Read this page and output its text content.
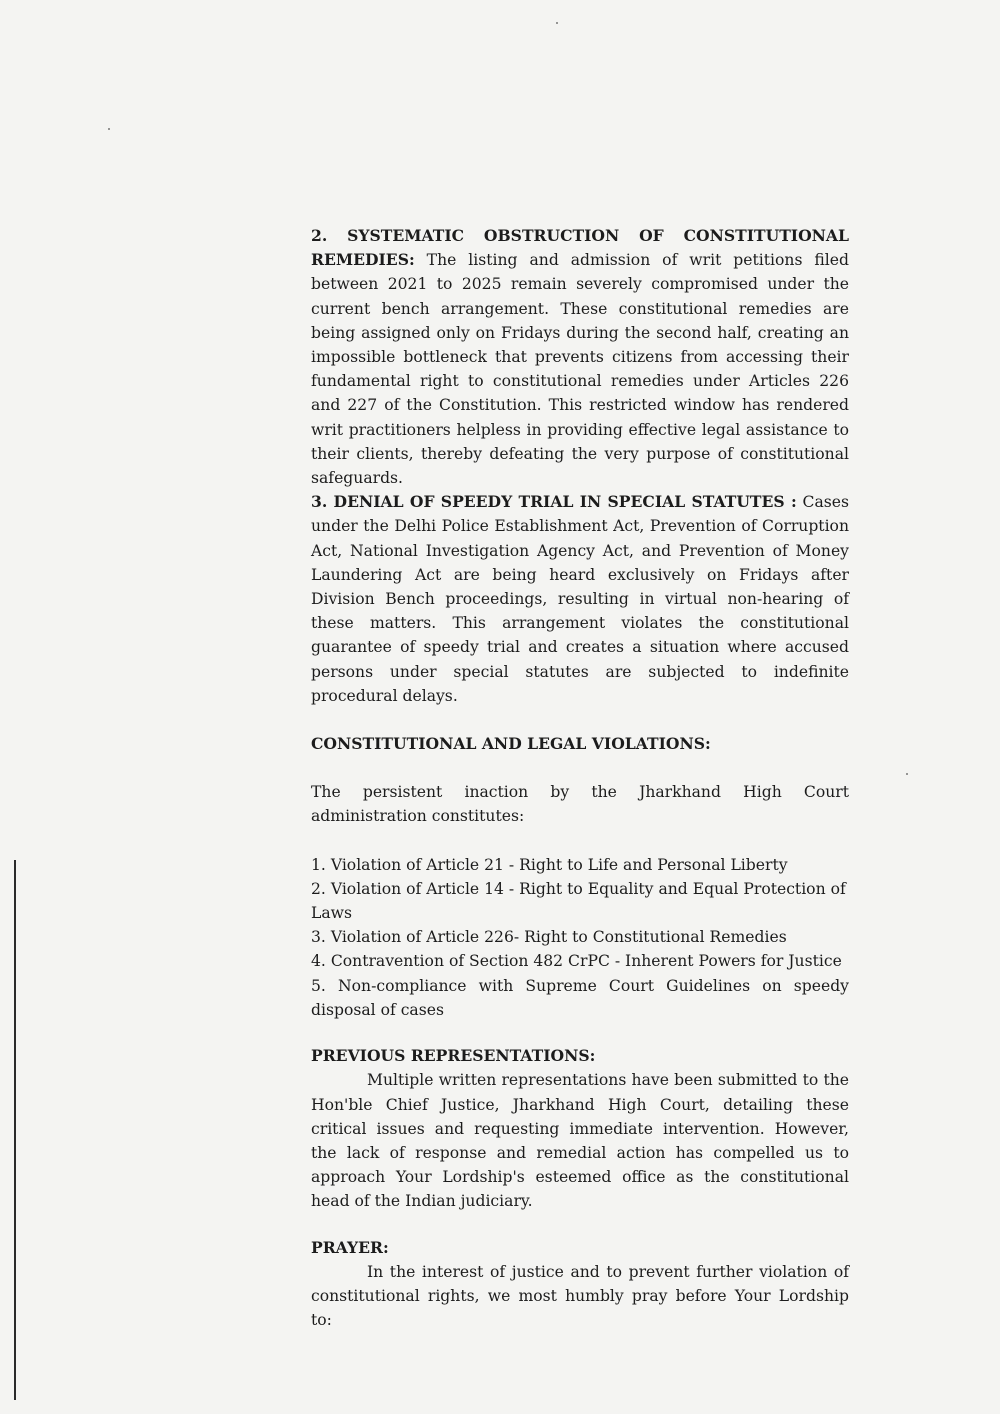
2. SYSTEMATIC OBSTRUCTION OF CONSTITUTIONAL REMEDIES: The listing and admission of writ petitions filed between 2021 to 2025 remain severely compromised under the current bench arrangement. These constitutional remedies are being assigned only on Fridays during the second half, creating an impossible bottleneck that prevents citizens from accessing their fundamental right to constitutional remedies under Articles 226 and 227 of the Constitution. This restricted window has rendered writ practitioners helpless in providing effective legal assistance to their clients, thereby defeating the very purpose of constitutional safeguards.

3. DENIAL OF SPEEDY TRIAL IN SPECIAL STATUTES : Cases under the Delhi Police Establishment Act, Prevention of Corruption Act, National Investigation Agency Act, and Prevention of Money Laundering Act are being heard exclusively on Fridays after Division Bench proceedings, resulting in virtual non-hearing of these matters. This arrangement violates the constitutional guarantee of speedy trial and creates a situation where accused persons under special statutes are subjected to indefinite procedural delays.

CONSTITUTIONAL AND LEGAL VIOLATIONS:

The persistent inaction by the Jharkhand High Court administration constitutes:

1. Violation of Article 21 - Right to Life and Personal Liberty
2. Violation of Article 14 - Right to Equality and Equal Protection of Laws
3. Violation of Article 226- Right to Constitutional Remedies
4. Contravention of Section 482 CrPC - Inherent Powers for Justice
5. Non-compliance with Supreme Court Guidelines on speedy disposal of cases

PREVIOUS REPRESENTATIONS:

Multiple written representations have been submitted to the Hon'ble Chief Justice, Jharkhand High Court, detailing these critical issues and requesting immediate intervention. However, the lack of response and remedial action has compelled us to approach Your Lordship's esteemed office as the constitutional head of the Indian judiciary.

PRAYER:

In the interest of justice and to prevent further violation of constitutional rights, we most humbly pray before Your Lordship to:
